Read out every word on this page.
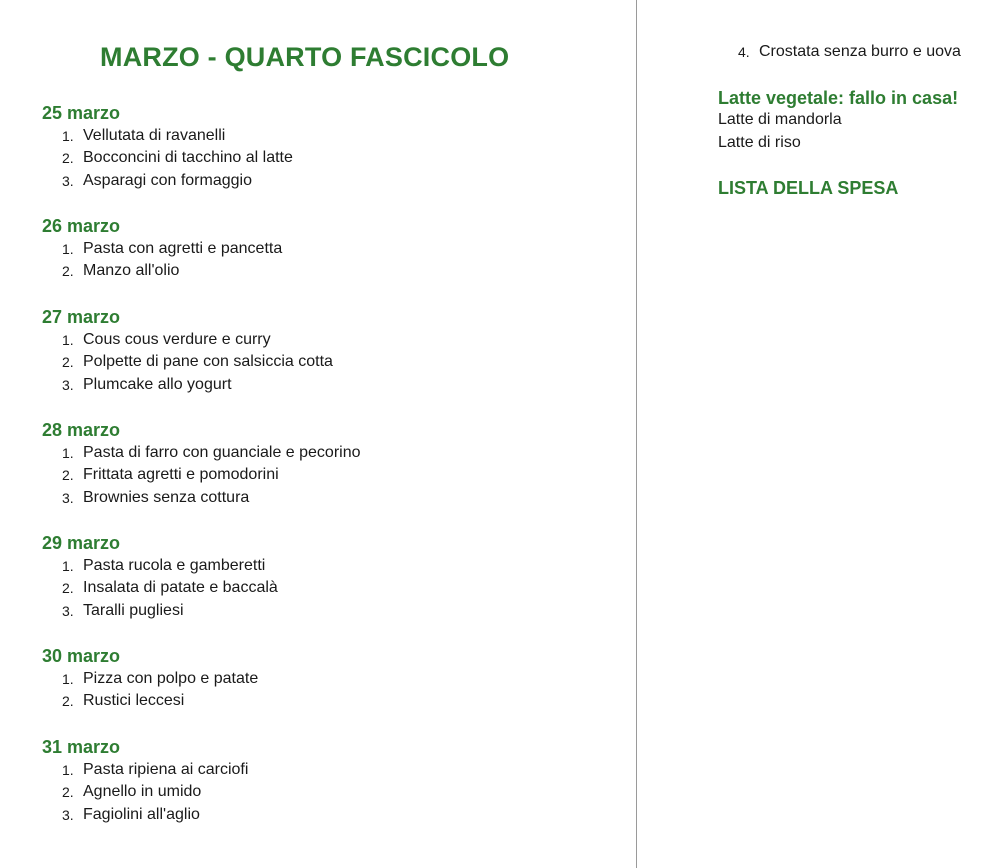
MARZO - QUARTO FASCICOLO
25 marzo
1. Vellutata di ravanelli
2. Bocconcini di tacchino al latte
3. Asparagi con formaggio
26 marzo
1. Pasta con agretti e pancetta
2. Manzo all'olio
27 marzo
1. Cous cous verdure e curry
2. Polpette di pane con salsiccia cotta
3. Plumcake allo yogurt
28 marzo
1. Pasta di farro con guanciale e pecorino
2. Frittata agretti e pomodorini
3. Brownies senza cottura
29 marzo
1. Pasta rucola e gamberetti
2. Insalata di patate e baccalà
3. Taralli pugliesi
30 marzo
1. Pizza con polpo e patate
2. Rustici leccesi
31 marzo
1. Pasta ripiena ai carciofi
2. Agnello in umido
3. Fagiolini all'aglio
4. Crostata senza burro e uova
Latte vegetale: fallo in casa!
Latte di mandorla
Latte di riso
LISTA DELLA SPESA
